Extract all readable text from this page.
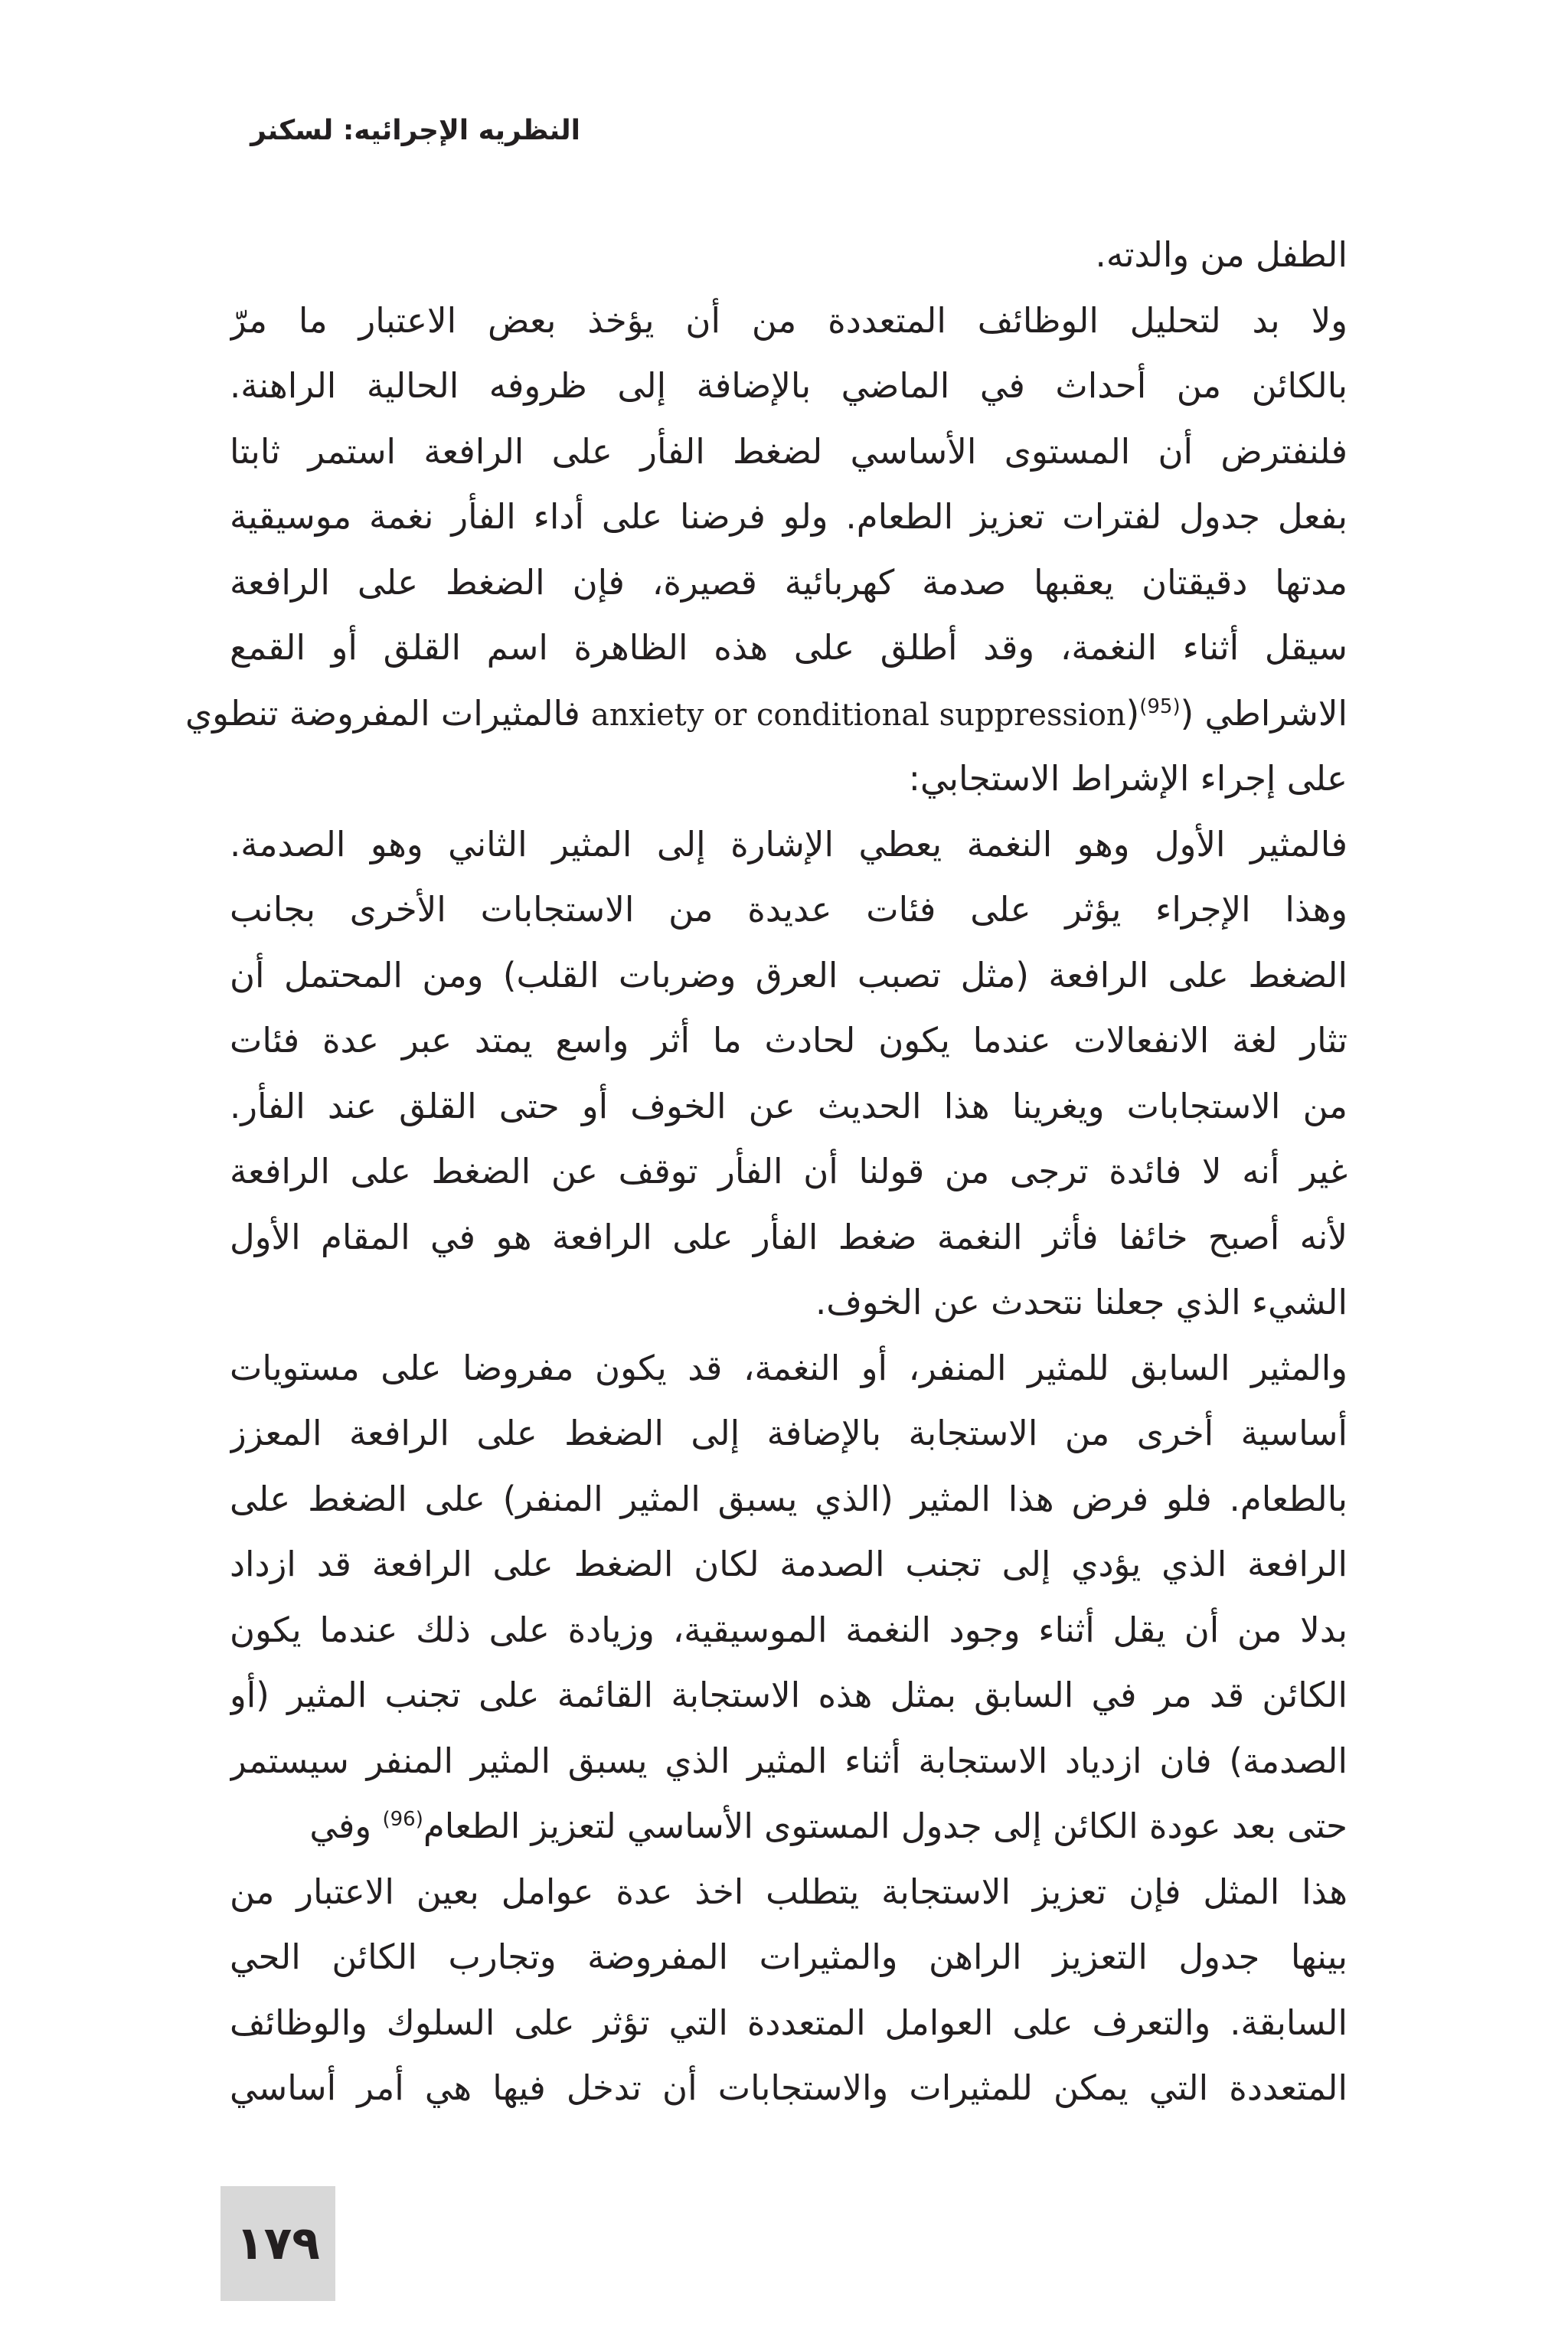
النظريه الإجرائيه: لسكنر
الطفل من والدته.
ولا بد لتحليل الوظائف المتعددة من أن يؤخذ بعض الاعتبار ما مرّ
بالكائن من أحداث في الماضي بالإضافة إلى ظروفه الحالية الراهنة.
فلنفترض أن المستوى الأساسي لضغط الفأر على الرافعة استمر ثابتا
بفعل جدول لفترات تعزيز الطعام. ولو فرضنا على أداء الفأر نغمة موسيقية
مدتها دقيقتان يعقبها صدمة كهربائية قصيرة، فإن الضغط على الرافعة
سيقل أثناء النغمة، وقد أطلق على هذه الظاهرة اسم القلق أو القمع
الاشراطي (anxiety or conditional suppression)$^{(95)}$ فالمثيرات المفروضة تنطوي
على إجراء الإشراط الاستجابي:
فالمثير الأول وهو النغمة يعطي الإشارة إلى المثير الثاني وهو الصدمة.
وهذا الإجراء يؤثر على فئات عديدة من الاستجابات الأخرى بجانب
الضغط على الرافعة (مثل تصبب العرق وضربات القلب) ومن المحتمل أن
تثار لغة الانفعالات عندما يكون لحادث ما أثر واسع يمتد عبر عدة فئات
من الاستجابات ويغرينا هذا الحديث عن الخوف أو حتى القلق عند الفأر.
غير أنه لا فائدة ترجى من قولنا أن الفأر توقف عن الضغط على الرافعة
لأنه أصبح خائفا فأثر النغمة ضغط الفأر على الرافعة هو في المقام الأول
الشيء الذي جعلنا نتحدث عن الخوف.
والمثير السابق للمثير المنفر، أو النغمة، قد يكون مفروضا على مستويات
أساسية أخرى من الاستجابة بالإضافة إلى الضغط على الرافعة المعزز
بالطعام. فلو فرض هذا المثير (الذي يسبق المثير المنفر) على الضغط على
الرافعة الذي يؤدي إلى تجنب الصدمة لكان الضغط على الرافعة قد ازداد
بدلا من أن يقل أثناء وجود النغمة الموسيقية، وزيادة على ذلك عندما يكون
الكائن قد مر في السابق بمثل هذه الاستجابة القائمة على تجنب المثير (أو
الصدمة) فان ازدياد الاستجابة أثناء المثير الذي يسبق المثير المنفر سيستمر
حتى بعد عودة الكائن إلى جدول المستوى الأساسي لتعزيز الطعام$^{(96)}$ وفي
هذا المثل فإن تعزيز الاستجابة يتطلب اخذ عدة عوامل بعين الاعتبار من
بينها جدول التعزيز الراهن والمثيرات المفروضة وتجارب الكائن الحي
السابقة. والتعرف على العوامل المتعددة التي تؤثر على السلوك والوظائف
المتعددة التي يمكن للمثيرات والاستجابات أن تدخل فيها هي أمر أساسي
١٧٩
